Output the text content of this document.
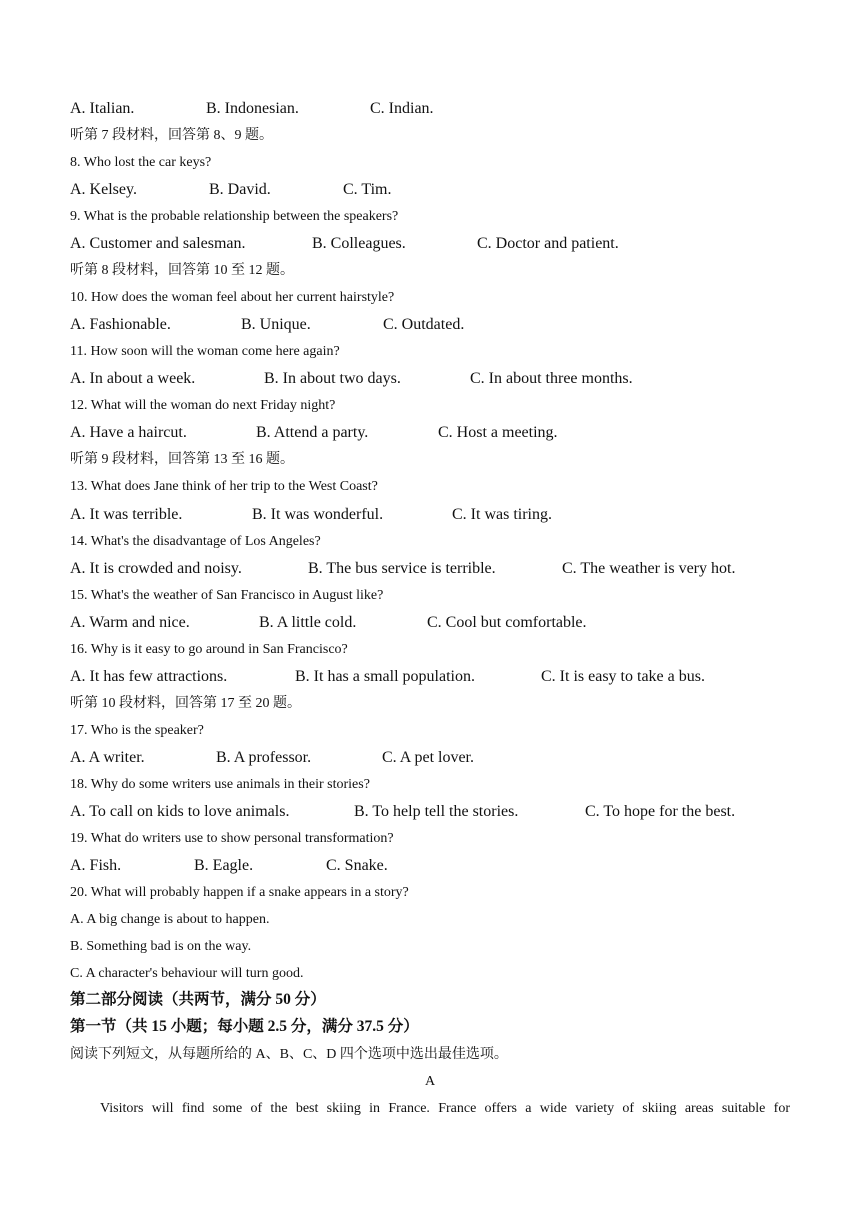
A. Italian.	B. Indonesian.	C. Indian.
听第 7 段材料，回答第 8、9 题。
8. Who lost the car keys?
A. Kelsey.	B. David.	C. Tim.
9. What is the probable relationship between the speakers?
A. Customer and salesman.	B. Colleagues.	C. Doctor and patient.
听第 8 段材料，回答第 10 至 12 题。
10. How does the woman feel about her current hairstyle?
A. Fashionable.	B. Unique.	C. Outdated.
11. How soon will the woman come here again?
A. In about a week.	B. In about two days.	C. In about three months.
12. What will the woman do next Friday night?
A. Have a haircut.	B. Attend a party.	C. Host a meeting.
听第 9 段材料，回答第 13 至 16 题。
13. What does Jane think of her trip to the West Coast?
A. It was terrible.	B. It was wonderful.	C. It was tiring.
14. What's the disadvantage of Los Angeles?
A. It is crowded and noisy.	B. The bus service is terrible.	C. The weather is very hot.
15. What's the weather of San Francisco in August like?
A. Warm and nice.	B. A little cold.	C. Cool but comfortable.
16. Why is it easy to go around in San Francisco?
A. It has few attractions.	B. It has a small population.	C. It is easy to take a bus.
听第 10 段材料，回答第 17 至 20 题。
17. Who is the speaker?
A. A writer.	B. A professor.	C. A pet lover.
18. Why do some writers use animals in their stories?
A. To call on kids to love animals.	B. To help tell the stories.	C. To hope for the best.
19. What do writers use to show personal transformation?
A. Fish.	B. Eagle.	C. Snake.
20. What will probably happen if a snake appears in a story?
A. A big change is about to happen.
B. Something bad is on the way.
C. A character's behaviour will turn good.
第二部分阅读（共两节，满分 50 分）
第一节（共 15 小题；每小题 2.5 分，满分 37.5 分）
阅读下列短文，从每题所给的 A、B、C、D 四个选项中选出最佳选项。
A
Visitors will find some of the best skiing in France. France offers a wide variety of skiing areas suitable for
